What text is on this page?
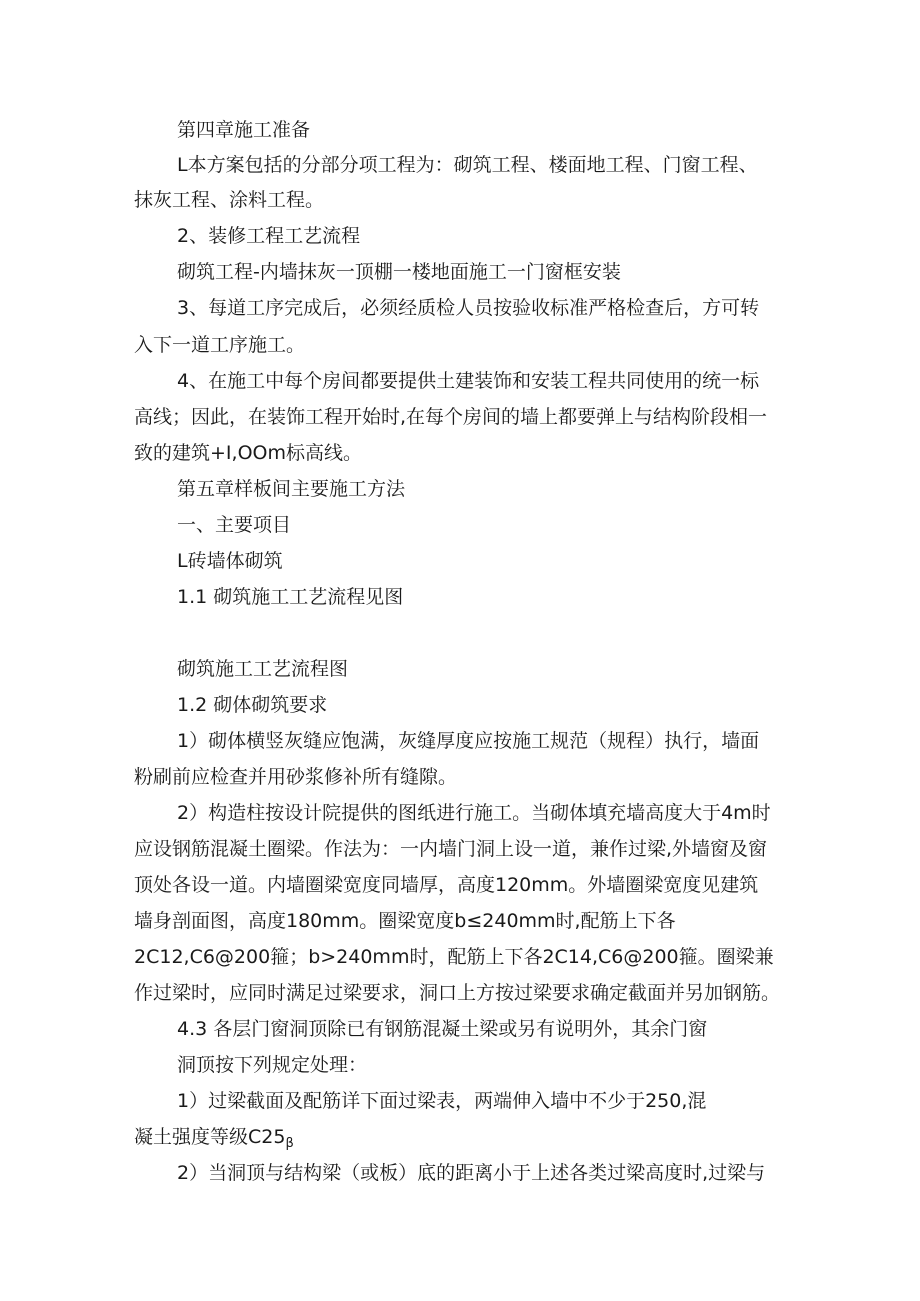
第四章施工准备
L本方案包括的分部分项工程为：砌筑工程、楼面地工程、门窗工程、
抹灰工程、涂料工程。
2、装修工程工艺流程
砌筑工程-内墙抹灰一顶棚一楼地面施工一门窗框安装
3、每道工序完成后，必须经质检人员按验收标准严格检查后，方可转
入下一道工序施工。
4、在施工中每个房间都要提供土建装饰和安装工程共同使用的统一标
高线；因此，在装饰工程开始时,在每个房间的墙上都要弹上与结构阶段相一
致的建筑+I,OOm标高线。
第五章样板间主要施工方法
一、主要项目
L砖墙体砌筑
1.1 砌筑施工工艺流程见图
砌筑施工工艺流程图
1.2 砌体砌筑要求
1）砌体横竖灰缝应饱满，灰缝厚度应按施工规范（规程）执行，墙面
粉刷前应检查并用砂浆修补所有缝隙。
2）构造柱按设计院提供的图纸进行施工。当砌体填充墙高度大于4m时
应设钢筋混凝土圈梁。作法为：一内墙门洞上设一道，兼作过梁,外墙窗及窗
顶处各设一道。内墙圈梁宽度同墙厚，高度120mm。外墙圈梁宽度见建筑
墙身剖面图，高度180mm。圈梁宽度b≤240mm时,配筋上下各
2C12,C6@200箍；b>240mm时，配筋上下各2C14,C6@200箍。圈梁兼
作过梁时，应同时满足过梁要求，洞口上方按过梁要求确定截面并另加钢筋。
4.3 各层门窗洞顶除已有钢筋混凝土梁或另有说明外，其余门窗
洞顶按下列规定处理：
1）过梁截面及配筋详下面过梁表，两端伸入墙中不少于250,混
凝土强度等级$C25_\beta$
2）当洞顶与结构梁（或板）底的距离小于上述各类过梁高度时,过梁与
